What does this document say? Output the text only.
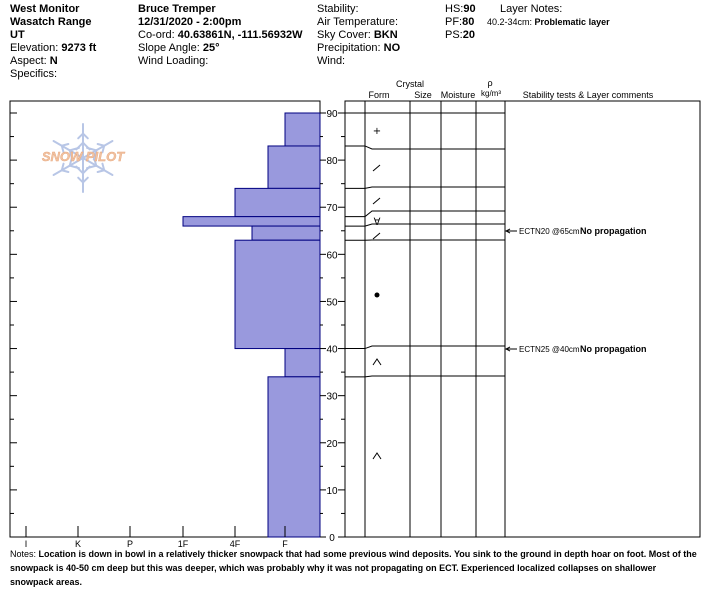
West Monitor
Wasatch Range
UT
Elevation: 9273 ft
Aspect: N
Specifics:
Bruce Tremper
12/31/2020 - 2:00pm
Co-ord: 40.63861N, -111.56932W
Slope Angle: 25°
Wind Loading:
Stability:
Air Temperature:
Sky Cover: BKN
Precipitation: NO
Wind:
HS:90
PF:80
PS:20
Layer Notes:
40.2-34cm: Problematic layer
SNOW PILOT
I	K	P	1F	4F	F
90
80
70
60
50
40
30
20
10
0
+
∀
ECTN20 @65cm No propagation
ECTN25 @40cm No propagation
Crystal
Form	Size Moisture
ρ
kg/m³ Stability tests & Layer comments
Notes: Location is down in bowl in a relatively thicker snowpack that had some previous wind deposits. You sink to the ground in depth hoar on foot. Most of the snowpack is 40-50 cm deep but this was deeper, which was probably why it was not propagating on ECT. Experienced localized collapses on shallower snowpack areas.
